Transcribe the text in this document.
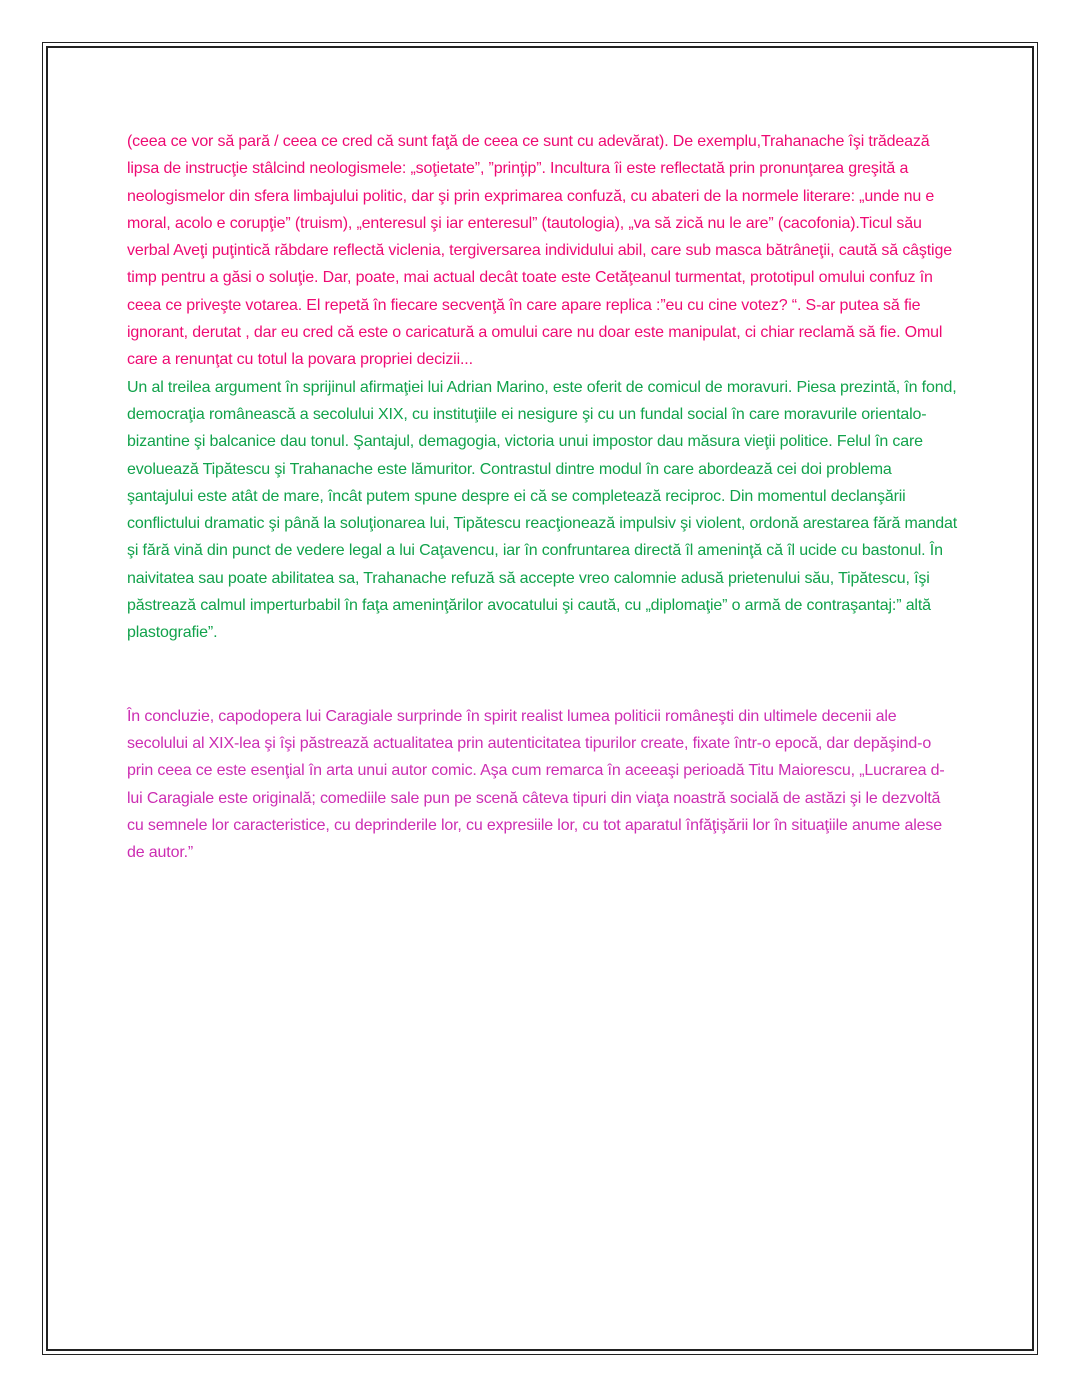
(ceea ce vor să pară / ceea ce cred că sunt faţă de ceea ce sunt cu adevărat). De exemplu,Trahanache îşi trădează lipsa de instrucţie stâlcind neologismele: „soţietate”, ”prinţip”. Incultura îi este reflectată prin pronunţarea greşită a neologismelor din sfera limbajului politic, dar şi prin exprimarea confuză, cu abateri de la normele literare: „unde nu e moral, acolo e corupţie” (truism), „enteresul şi iar enteresul” (tautologia), „va să zică nu le are” (cacofonia).Ticul său verbal Aveţi puţintică răbdare reflectă viclenia, tergiversarea individului abil, care sub masca bătrâneţii, caută să câştige timp pentru a găsi o soluţie. Dar, poate, mai actual decât toate este Cetăţeanul turmentat, prototipul omului confuz în ceea ce priveşte votarea. El repetă în fiecare secvenţă în care apare replica :”eu cu cine votez? “. S-ar putea să fie ignorant, derutat , dar eu cred că este o caricatură a omului care nu doar este manipulat, ci chiar reclamă să fie. Omul care a renunţat cu totul la povara propriei decizii...

Un al treilea argument în sprijinul afirmaţiei lui Adrian Marino, este oferit de comicul de moravuri. Piesa prezintă, în fond, democraţia românească a secolului XIX, cu instituţiile ei nesigure şi cu un fundal social în care moravurile orientalo-bizantine şi balcanice dau tonul. Şantajul, demagogia, victoria unui impostor dau măsura vieţii politice. Felul în care evoluează Tipătescu şi Trahanache este lămuritor. Contrastul dintre modul în care abordează cei doi problema şantajului este atât de mare, încât putem spune despre ei că se completează reciproc. Din momentul declanşării conflictului dramatic şi până la soluţionarea lui, Tipătescu reacţionează impulsiv şi violent, ordonă arestarea fără mandat şi fără vină din punct de vedere legal a lui Caţavencu, iar în confruntarea directă îl ameninţă că îl ucide cu bastonul. În naivitatea sau poate abilitatea sa, Trahanache refuză să accepte vreo calomnie adusă prietenului său, Tipătescu, îşi păstrează calmul imperturbabil în faţa ameninţărilor avocatului şi caută, cu „diplomaţie” o armă de contraşantaj:” altă plastografie”.

În concluzie, capodopera lui Caragiale surprinde în spirit realist lumea politicii româneşti din ultimele decenii ale secolului al XIX-lea şi îşi păstrează actualitatea prin autenticitatea tipurilor create, fixate într-o epocă, dar depăşind-o prin ceea ce este esenţial în arta unui autor comic. Aşa cum remarca în aceeaşi perioadă Titu Maiorescu, „Lucrarea d-lui Caragiale este originală; comediile sale pun pe scenă câteva tipuri din viaţa noastră socială de astăzi şi le dezvoltă cu semnele lor caracteristice, cu deprinderile lor, cu expresiile lor, cu tot aparatul înfăţişării lor în situaţiile anume alese de autor.”
